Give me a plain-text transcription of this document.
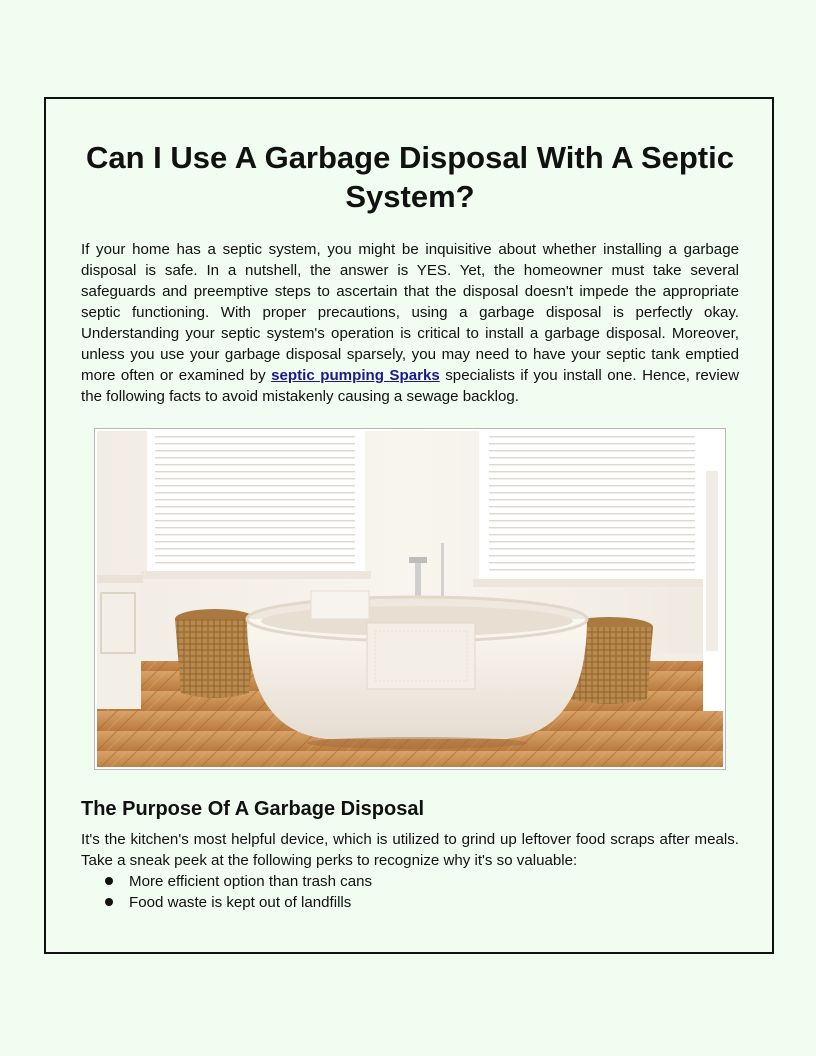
Can I Use A Garbage Disposal With A Septic System?

If your home has a septic system, you might be inquisitive about whether installing a garbage disposal is safe. In a nutshell, the answer is YES. Yet, the homeowner must take several safeguards and preemptive steps to ascertain that the disposal doesn't impede the appropriate septic functioning. With proper precautions, using a garbage disposal is perfectly okay. Understanding your septic system's operation is critical to install a garbage disposal. Moreover, unless you use your garbage disposal sparsely, you may need to have your septic tank emptied more often or examined by septic pumping Sparks specialists if you install one. Hence, review the following facts to avoid mistakenly causing a sewage backlog.

The Purpose Of A Garbage Disposal

It's the kitchen's most helpful device, which is utilized to grind up leftover food scraps after meals. Take a sneak peek at the following perks to recognize why it's so valuable:

More efficient option than trash cans
Food waste is kept out of landfills
